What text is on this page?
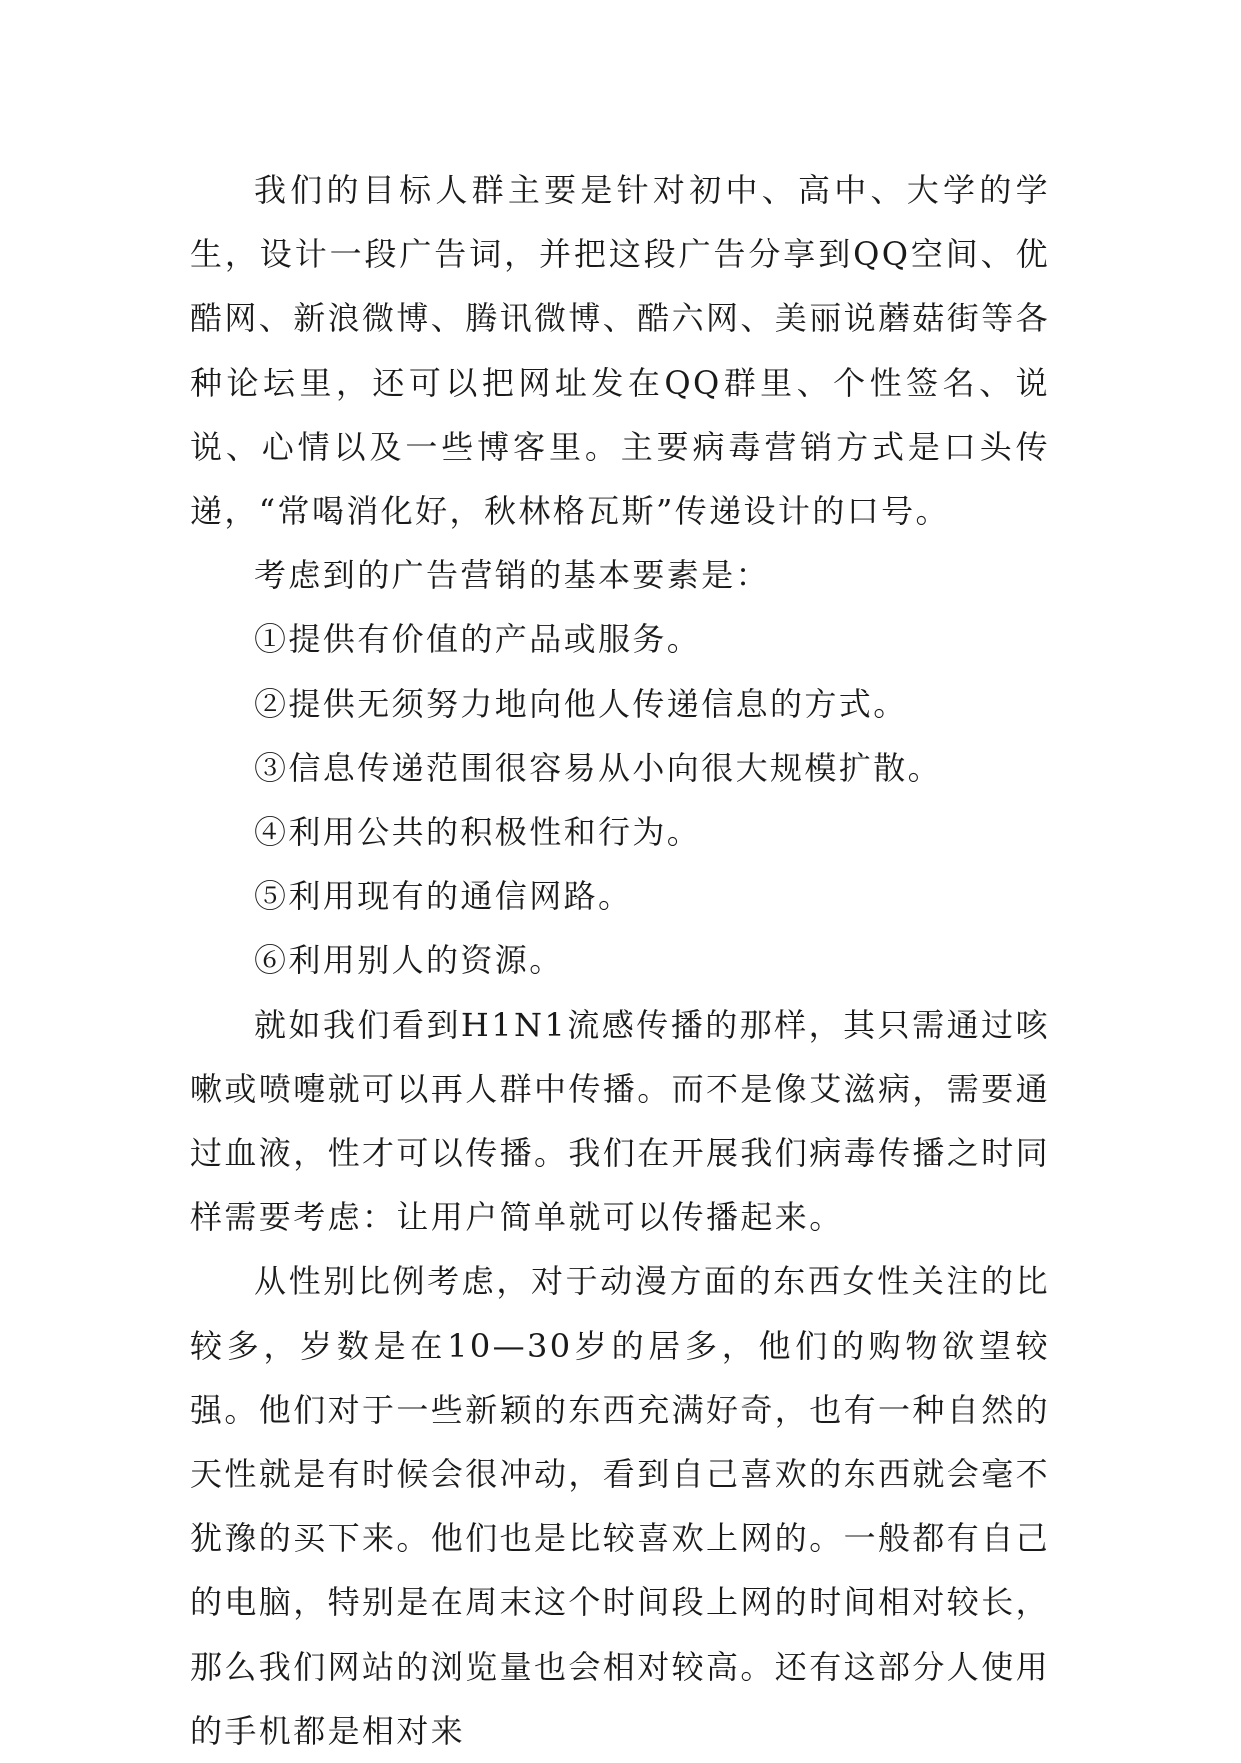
我们的目标人群主要是针对初中、高中、大学的学生，设计一段广告词，并把这段广告分享到QQ空间、优酷网、新浪微博、腾讯微博、酷六网、美丽说蘑菇街等各种论坛里，还可以把网址发在QQ群里、个性签名、说说、心情以及一些博客里。主要病毒营销方式是口头传递，“常喝消化好，秋林格瓦斯”传递设计的口号。

考虑到的广告营销的基本要素是：

①提供有价值的产品或服务。

②提供无须努力地向他人传递信息的方式。

③信息传递范围很容易从小向很大规模扩散。

④利用公共的积极性和行为。

⑤利用现有的通信网路。

⑥利用别人的资源。

就如我们看到H1N1流感传播的那样，其只需通过咳嗽或喷嚏就可以再人群中传播。而不是像艾滋病，需要通过血液，性才可以传播。我们在开展我们病毒传播之时同样需要考虑：让用户简单就可以传播起来。

从性别比例考虑，对于动漫方面的东西女性关注的比较多，岁数是在10—30岁的居多，他们的购物欲望较强。他们对于一些新颖的东西充满好奇，也有一种自然的天性就是有时候会很冲动，看到自己喜欢的东西就会毫不犹豫的买下来。他们也是比较喜欢上网的。一般都有自己的电脑，特别是在周末这个时间段上网的时间相对较长，那么我们网站的浏览量也会相对较高。还有这部分人使用的手机都是相对来
